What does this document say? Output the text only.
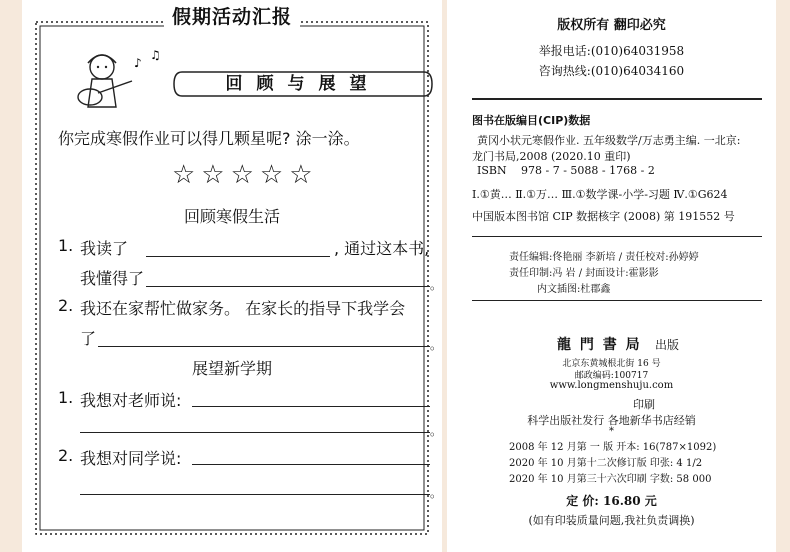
假期活动汇报
♪
♫
回顾与展望
你完成寒假作业可以得几颗星呢? 涂一涂。
☆☆☆☆☆
回顾寒假生活
1. 我读了	, 通过这本书,
我懂得了	。
2. 我还在家帮忙做家务。 在家长的指导下我学会
了	。
展望新学期
1. 我想对老师说:
。
2. 我想对同学说:
。
版权所有 翻印必究
举报电话:(010)64031958
咨询热线:(010)64034160
图书在版编目(CIP)数据
黄冈小状元寒假作业. 五年级数学/万志勇主编. 一北京:
龙门书局,2008 (2020.10 重印)
ISBN 978 - 7 - 5088 - 1768 - 2
Ⅰ.①黄… Ⅱ.①万… Ⅲ.①数学课-小学-习题 Ⅳ.①G624
中国版本图书馆 CIP 数据核字 (2008) 第 191552 号
责任编辑:佟艳丽 李新培 / 责任校对:孙婷婷
责任印制:冯 岩 / 封面设计:霍影影
内文插图:杜郡鑫
龍 門 書 局 出版
北京东黄城根北街 16 号
邮政编码:100717
www.longmenshuju.com
印刷
科学出版社发行 各地新华书店经销
*
2008 年 12 月第 一 版 开本: 16(787×1092)
2020 年 10 月第十二次修订版 印张: 4 1/2
2020 年 10 月第三十六次印刷 字数: 58 000
定 价: 16.80 元
(如有印装质量问题,我社负责调换)
